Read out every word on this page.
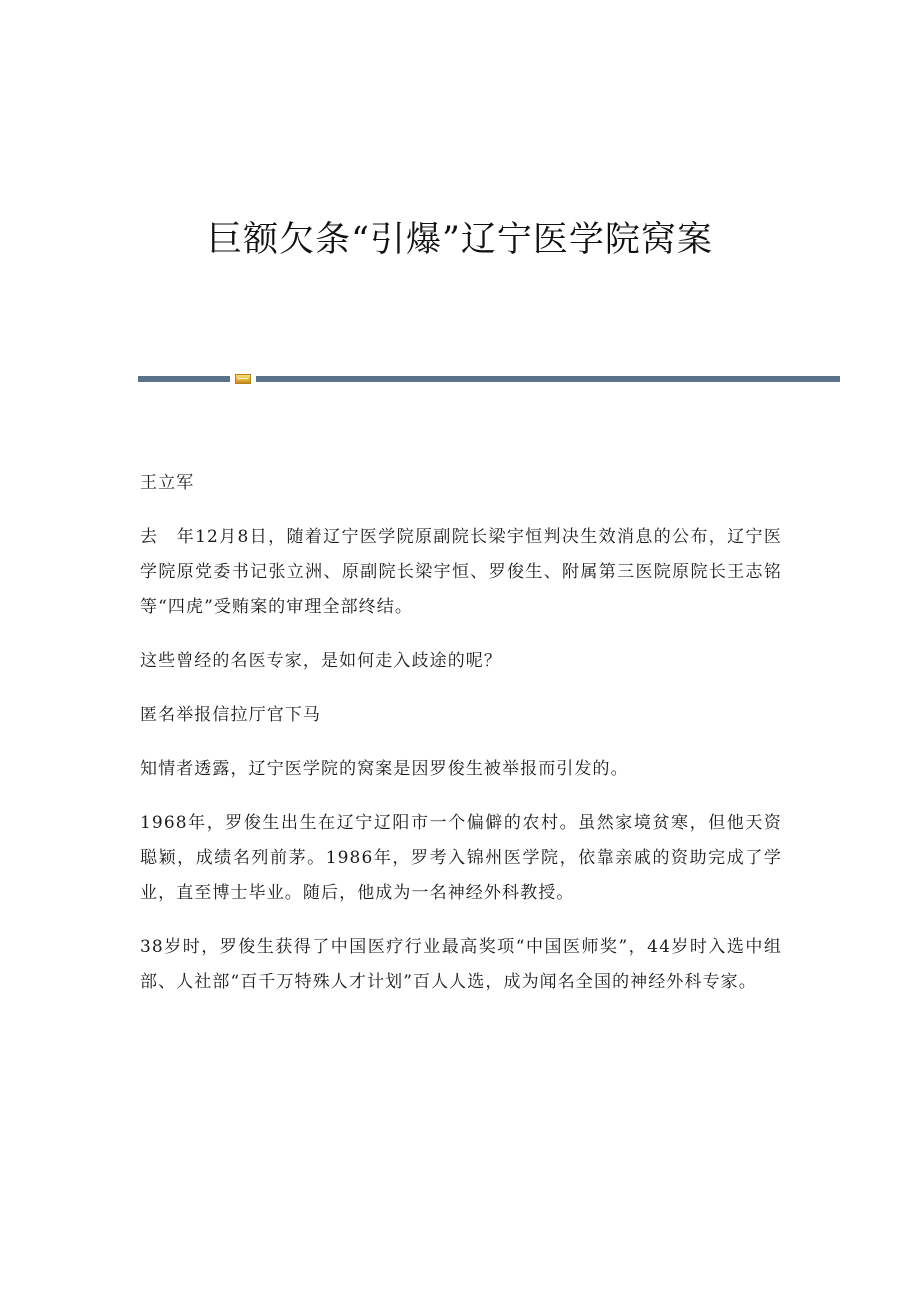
巨额欠条“引爆”辽宁医学院窝案

王立军

去　年12月8日，随着辽宁医学院原副院长梁宇恒判决生效消息的公布，辽宁医学院原党委书记张立洲、原副院长梁宇恒、罗俊生、附属第三医院原院长王志铭等“四虎”受贿案的审理全部终结。

这些曾经的名医专家，是如何走入歧途的呢？

匿名举报信拉厅官下马

知情者透露，辽宁医学院的窝案是因罗俊生被举报而引发的。

1968年，罗俊生出生在辽宁辽阳市一个偏僻的农村。虽然家境贫寒，但他天资聪颖，成绩名列前茅。1986年，罗考入锦州医学院，依靠亲戚的资助完成了学业，直至博士毕业。随后，他成为一名神经外科教授。

38岁时，罗俊生获得了中国医疗行业最高奖项“中国医师奖”，44岁时入选中组部、人社部“百千万特殊人才计划”百人人选，成为闻名全国的神经外科专家。
